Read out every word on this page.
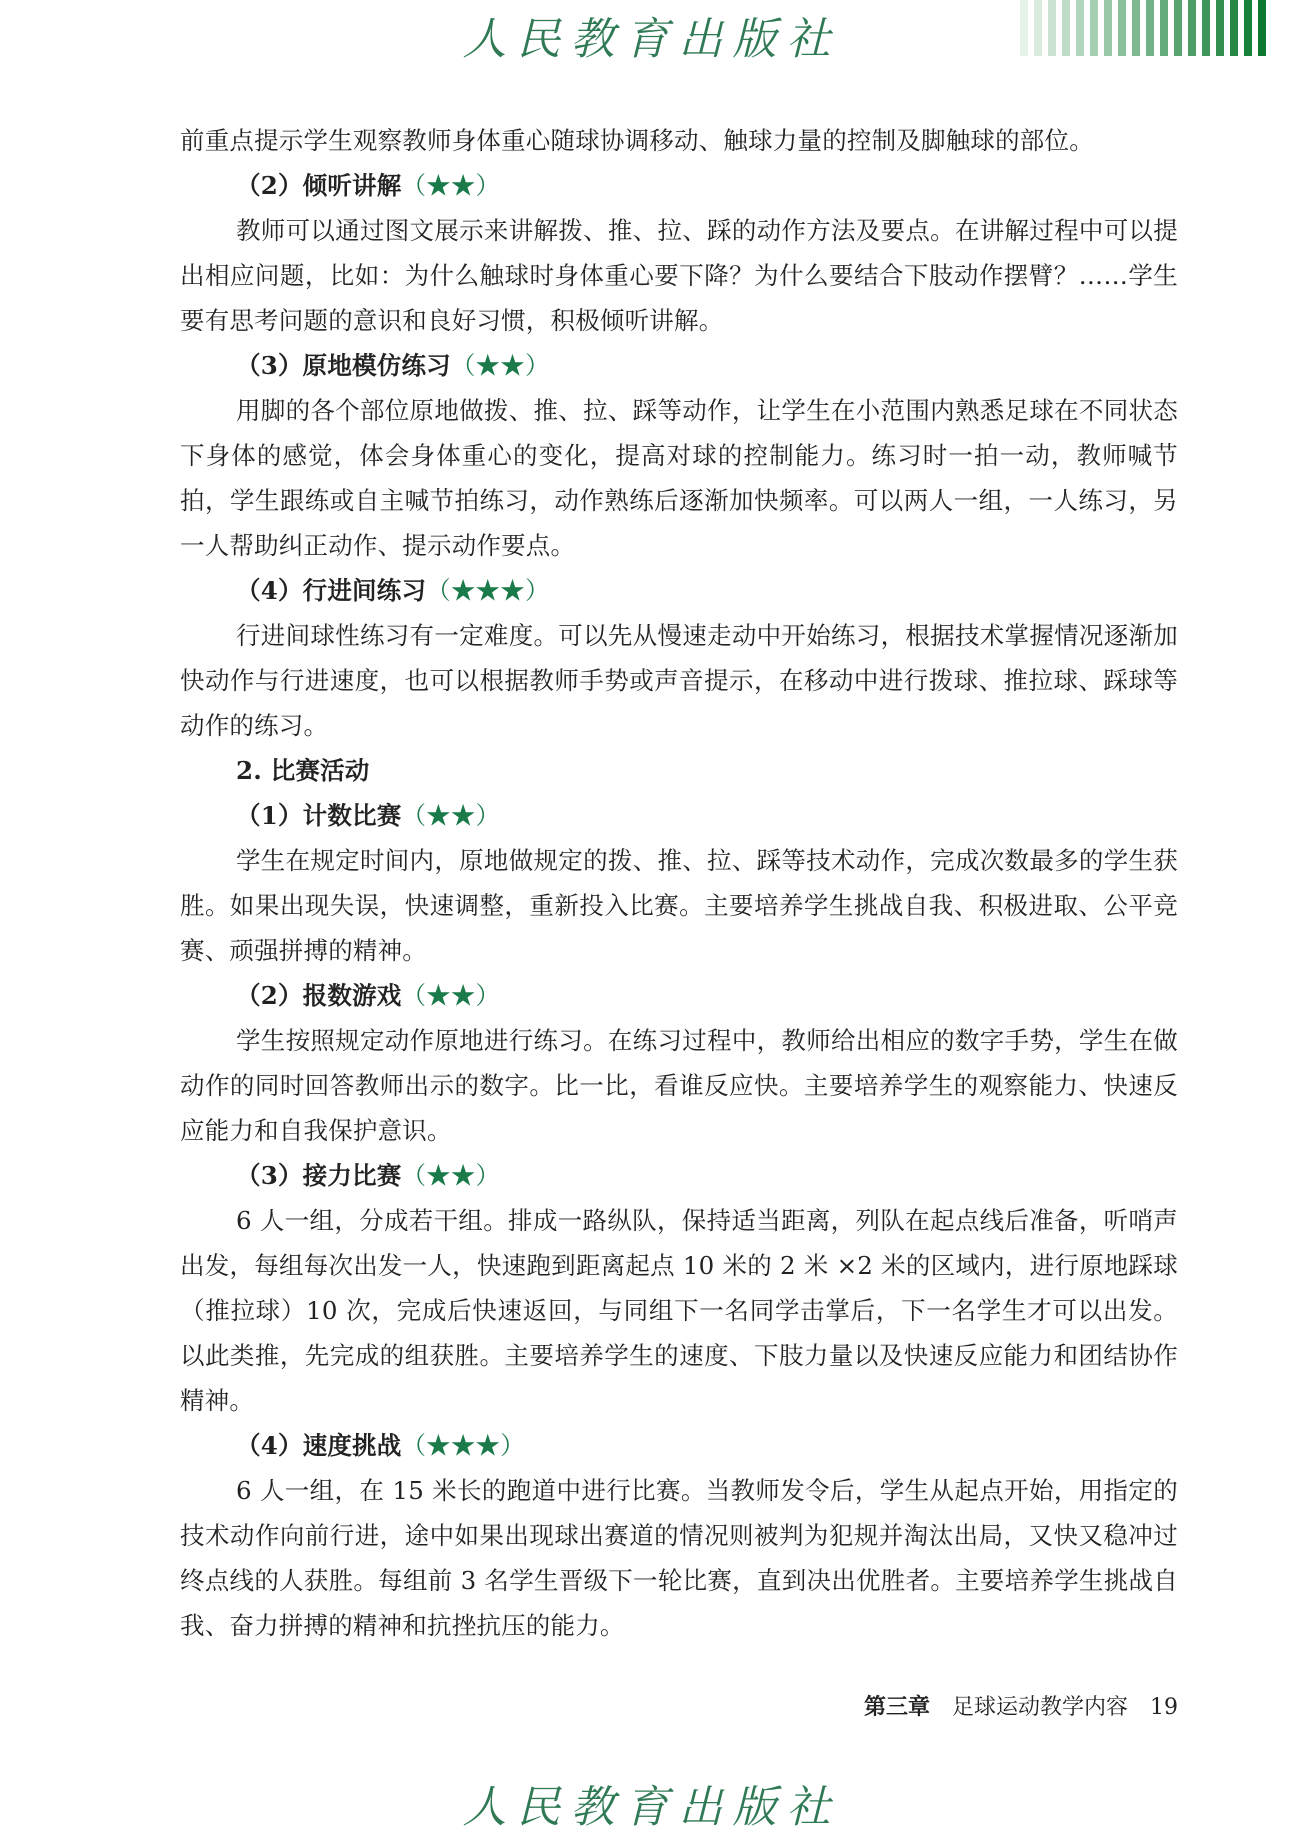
人民教育出版社

前重点提示学生观察教师身体重心随球协调移动、触球力量的控制及脚触球的部位。

（2）倾听讲解（★★）

教师可以通过图文展示来讲解拨、推、拉、踩的动作方法及要点。在讲解过程中可以提出相应问题，比如：为什么触球时身体重心要下降？为什么要结合下肢动作摆臂？……学生要有思考问题的意识和良好习惯，积极倾听讲解。

（3）原地模仿练习（★★）

用脚的各个部位原地做拨、推、拉、踩等动作，让学生在小范围内熟悉足球在不同状态下身体的感觉，体会身体重心的变化，提高对球的控制能力。练习时一拍一动，教师喊节拍，学生跟练或自主喊节拍练习，动作熟练后逐渐加快频率。可以两人一组，一人练习，另一人帮助纠正动作、提示动作要点。

（4）行进间练习（★★★）

行进间球性练习有一定难度。可以先从慢速走动中开始练习，根据技术掌握情况逐渐加快动作与行进速度，也可以根据教师手势或声音提示，在移动中进行拨球、推拉球、踩球等动作的练习。

2. 比赛活动

（1）计数比赛（★★）

学生在规定时间内，原地做规定的拨、推、拉、踩等技术动作，完成次数最多的学生获胜。如果出现失误，快速调整，重新投入比赛。主要培养学生挑战自我、积极进取、公平竞赛、顽强拼搏的精神。

（2）报数游戏（★★）

学生按照规定动作原地进行练习。在练习过程中，教师给出相应的数字手势，学生在做动作的同时回答教师出示的数字。比一比，看谁反应快。主要培养学生的观察能力、快速反应能力和自我保护意识。

（3）接力比赛（★★）

6 人一组，分成若干组。排成一路纵队，保持适当距离，列队在起点线后准备，听哨声出发，每组每次出发一人，快速跑到距离起点 10 米的 2 米 ×2 米的区域内，进行原地踩球（推拉球）10 次，完成后快速返回，与同组下一名同学击掌后，下一名学生才可以出发。以此类推，先完成的组获胜。主要培养学生的速度、下肢力量以及快速反应能力和团结协作精神。

（4）速度挑战（★★★）

6 人一组，在 15 米长的跑道中进行比赛。当教师发令后，学生从起点开始，用指定的技术动作向前行进，途中如果出现球出赛道的情况则被判为犯规并淘汰出局，又快又稳冲过终点线的人获胜。每组前 3 名学生晋级下一轮比赛，直到决出优胜者。主要培养学生挑战自我、奋力拼搏的精神和抗挫抗压的能力。

第三章 足球运动教学内容 19
人民教育出版社
